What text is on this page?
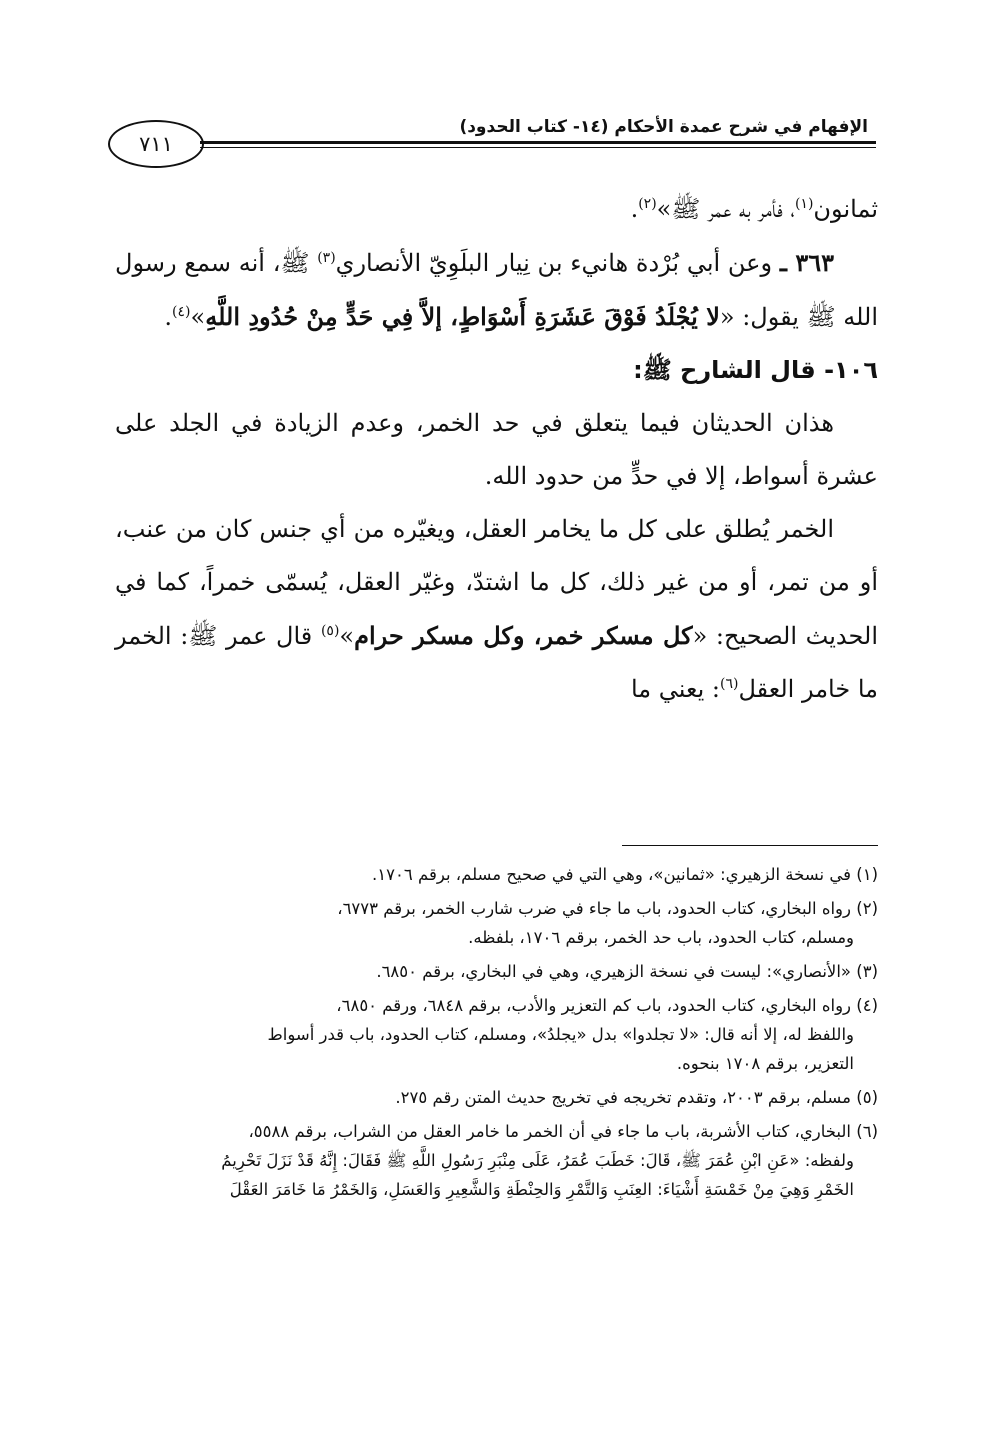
الإفهام في شرح عمدة الأحكام (١٤- كتاب الحدود)
٧١١

ثمانون$^{(١)}$، فأمر به عمر ﷺ»$^{(٢)}$.

٣٦٣ ـ وعن أبي بُرْدة هانيء بن نِيار البلَوِيّ الأنصاري$^{(٣)}$ ﷺ، أنه سمع رسول الله ﷺ يقول: «لا يُجْلَدُ فَوْقَ عَشَرَةِ أَسْوَاطٍ، إلاَّ فِي حَدٍّ مِنْ حُدُودِ اللَّهِ»$^{(٤)}$.

١٠٦- قال الشارح ﷺ:

هذان الحديثان فيما يتعلق في حد الخمر، وعدم الزيادة في الجلد على عشرة أسواط، إلا في حدٍّ من حدود الله.

الخمر يُطلق على كل ما يخامر العقل، ويغيّره من أي جنس كان من عنب، أو من تمر، أو من غير ذلك، كل ما اشتدّ، وغيّر العقل، يُسمّى خمراً، كما في الحديث الصحيح: «كل مسكر خمر، وكل مسكر حرام»$^{(٥)}$ قال عمر ﷺ: الخمر ما خامر العقل$^{(٦)}$: يعني ما

(١) في نسخة الزهيري: «ثمانين»، وهي التي في صحيح مسلم، برقم ١٧٠٦.

(٢) رواه البخاري، كتاب الحدود، باب ما جاء في ضرب شارب الخمر، برقم ٦٧٧٣،
ومسلم، كتاب الحدود، باب حد الخمر، برقم ١٧٠٦، بلفظه.

(٣) «الأنصاري»: ليست في نسخة الزهيري، وهي في البخاري، برقم ٦٨٥٠.

(٤) رواه البخاري، كتاب الحدود، باب كم التعزير والأدب، برقم ٦٨٤٨، ورقم ٦٨٥٠،
واللفظ له، إلا أنه قال: «لا تجلدوا» بدل «يجلدُ»، ومسلم، كتاب الحدود، باب قدر أسواط
التعزير، برقم ١٧٠٨ بنحوه.

(٥) مسلم، برقم ٢٠٠٣، وتقدم تخريجه في تخريج حديث المتن رقم ٢٧٥.

(٦) البخاري، كتاب الأشربة، باب ما جاء في أن الخمر ما خامر العقل من الشراب، برقم ٥٥٨٨،
ولفظه: «عَنِ ابْنِ عُمَرَ ﷺ، قَالَ: خَطَبَ عُمَرُ، عَلَى مِنْبَرِ رَسُولِ اللَّهِ ﷺ فَقَالَ: إِنَّهُ قَدْ نَزَلَ تَحْرِيمُ
الخَمْرِ وَهِيَ مِنْ خَمْسَةِ أَشْيَاءَ: العِنَبِ وَالتَّمْرِ وَالحِنْطَةِ وَالشَّعِيرِ وَالعَسَلِ، وَالخَمْرُ مَا خَامَرَ العَقْلَ
